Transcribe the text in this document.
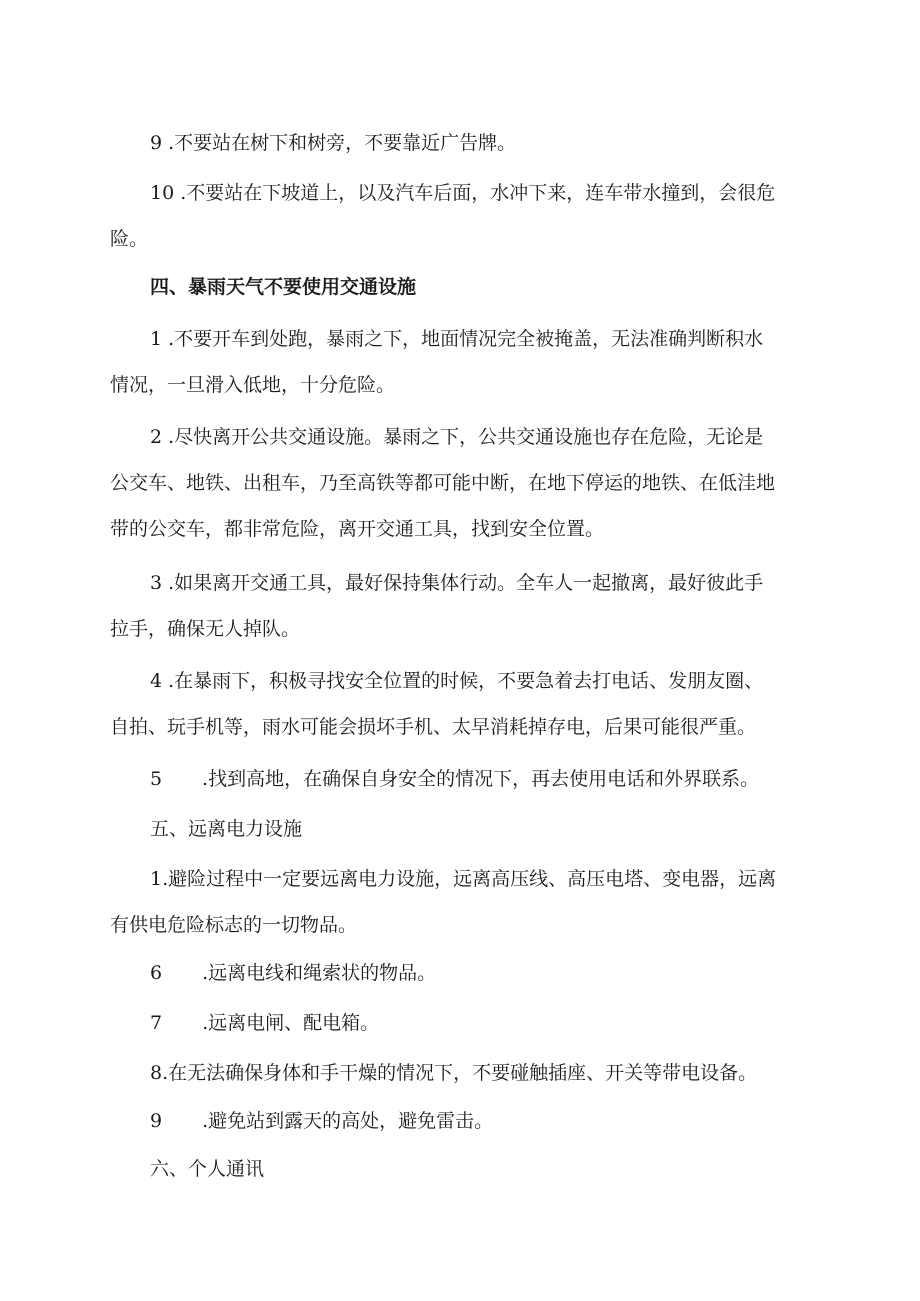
9 .不要站在树下和树旁，不要靠近广告牌。

10 .不要站在下坡道上，以及汽车后面，水冲下来，连车带水撞到，会很危
险。

四、暴雨天气不要使用交通设施

1 .不要开车到处跑，暴雨之下，地面情况完全被掩盖，无法准确判断积水
情况，一旦滑入低地，十分危险。

2 .尽快离开公共交通设施。暴雨之下，公共交通设施也存在危险，无论是
公交车、地铁、出租车，乃至高铁等都可能中断，在地下停运的地铁、在低洼地
带的公交车，都非常危险，离开交通工具，找到安全位置。

3 .如果离开交通工具，最好保持集体行动。全车人一起撤离，最好彼此手
拉手，确保无人掉队。

4 .在暴雨下，积极寻找安全位置的时候，不要急着去打电话、发朋友圈、
自拍、玩手机等，雨水可能会损坏手机、太早消耗掉存电，后果可能很严重。

5 .找到高地，在确保自身安全的情况下，再去使用电话和外界联系。

五、远离电力设施

1.避险过程中一定要远离电力设施，远离高压线、高压电塔、变电器，远离
有供电危险标志的一切物品。

6 .远离电线和绳索状的物品。

7 .远离电闸、配电箱。

8.在无法确保身体和手干燥的情况下，不要碰触插座、开关等带电设备。

9 .避免站到露天的高处，避免雷击。

六、个人通讯
